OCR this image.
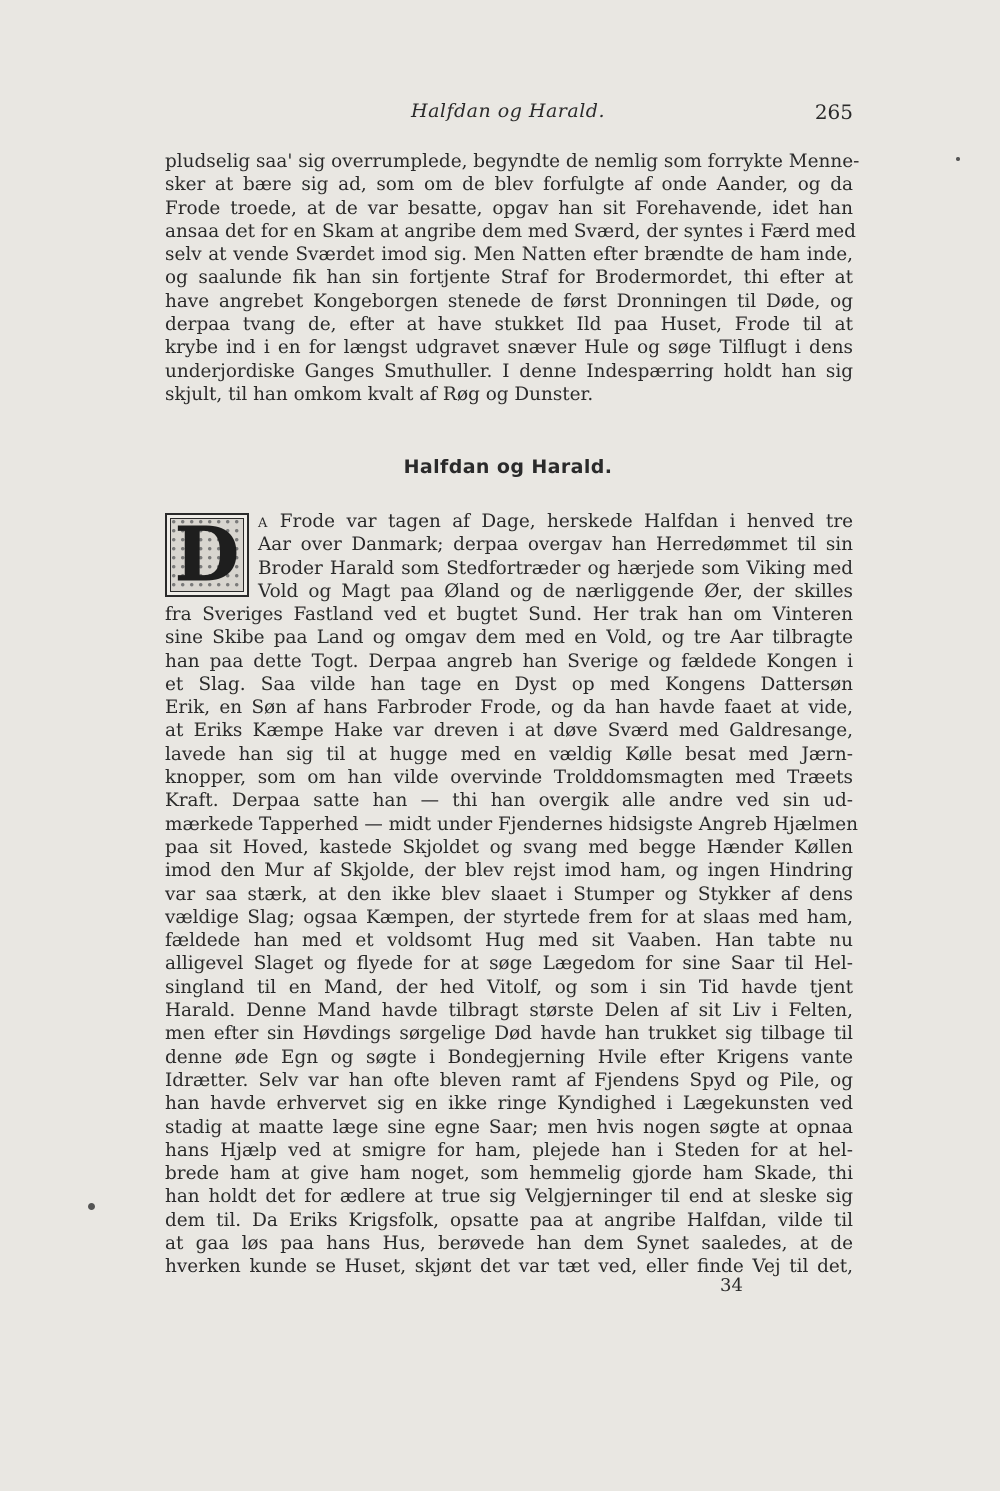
Halfdan og Harald.	265
pludselig saa' sig overrumplede, begyndte de nemlig som forrykte Menne-
sker at bære sig ad, som om de blev forfulgte af onde Aander, og da
Frode troede, at de var besatte, opgav han sit Forehavende, idet han
ansaa det for en Skam at angribe dem med Sværd, der syntes i Færd med
selv at vende Sværdet imod sig. Men Natten efter brændte de ham inde,
og saalunde fik han sin fortjente Straf for Brodermordet, thi efter at
have angrebet Kongeborgen stenede de først Dronningen til Døde, og
derpaa tvang de, efter at have stukket Ild paa Huset, Frode til at
krybe ind i en for længst udgravet snæver Hule og søge Tilflugt i dens
underjordiske Ganges Smuthuller. I denne Indespærring holdt han sig
skjult, til han omkom kvalt af Røg og Dunster.
Halfdan og Harald.
D	A Frode var tagen af Dage, herskede Halfdan i henved tre
Aar over Danmark; derpaa overgav han Herredømmet til sin
Broder Harald som Stedfortræder og hærjede som Viking med
Vold og Magt paa Øland og de nærliggende Øer, der skilles
fra Sveriges Fastland ved et bugtet Sund. Her trak han om Vinteren
sine Skibe paa Land og omgav dem med en Vold, og tre Aar tilbragte
han paa dette Togt. Derpaa angreb han Sverige og fældede Kongen i
et Slag. Saa vilde han tage en Dyst op med Kongens Dattersøn
Erik, en Søn af hans Farbroder Frode, og da han havde faaet at vide,
at Eriks Kæmpe Hake var dreven i at døve Sværd med Galdresange,
lavede han sig til at hugge med en vældig Kølle besat med Jærn-
knopper, som om han vilde overvinde Trolddomsmagten med Træets
Kraft. Derpaa satte han — thi han overgik alle andre ved sin ud-
mærkede Tapperhed — midt under Fjendernes hidsigste Angreb Hjælmen
paa sit Hoved, kastede Skjoldet og svang med begge Hænder Køllen
imod den Mur af Skjolde, der blev rejst imod ham, og ingen Hindring
var saa stærk, at den ikke blev slaaet i Stumper og Stykker af dens
vældige Slag; ogsaa Kæmpen, der styrtede frem for at slaas med ham,
fældede han med et voldsomt Hug med sit Vaaben. Han tabte nu
alligevel Slaget og flyede for at søge Lægedom for sine Saar til Hel-
singland til en Mand, der hed Vitolf, og som i sin Tid havde tjent
Harald. Denne Mand havde tilbragt største Delen af sit Liv i Felten,
men efter sin Høvdings sørgelige Død havde han trukket sig tilbage til
denne øde Egn og søgte i Bondegjerning Hvile efter Krigens vante
Idrætter. Selv var han ofte bleven ramt af Fjendens Spyd og Pile, og
han havde erhvervet sig en ikke ringe Kyndighed i Lægekunsten ved
stadig at maatte læge sine egne Saar; men hvis nogen søgte at opnaa
hans Hjælp ved at smigre for ham, plejede han i Steden for at hel-
brede ham at give ham noget, som hemmelig gjorde ham Skade, thi
han holdt det for ædlere at true sig Velgjerninger til end at sleske sig
dem til. Da Eriks Krigsfolk, opsatte paa at angribe Halfdan, vilde til
at gaa løs paa hans Hus, berøvede han dem Synet saaledes, at de
hverken kunde se Huset, skjønt det var tæt ved, eller finde Vej til det,
34
